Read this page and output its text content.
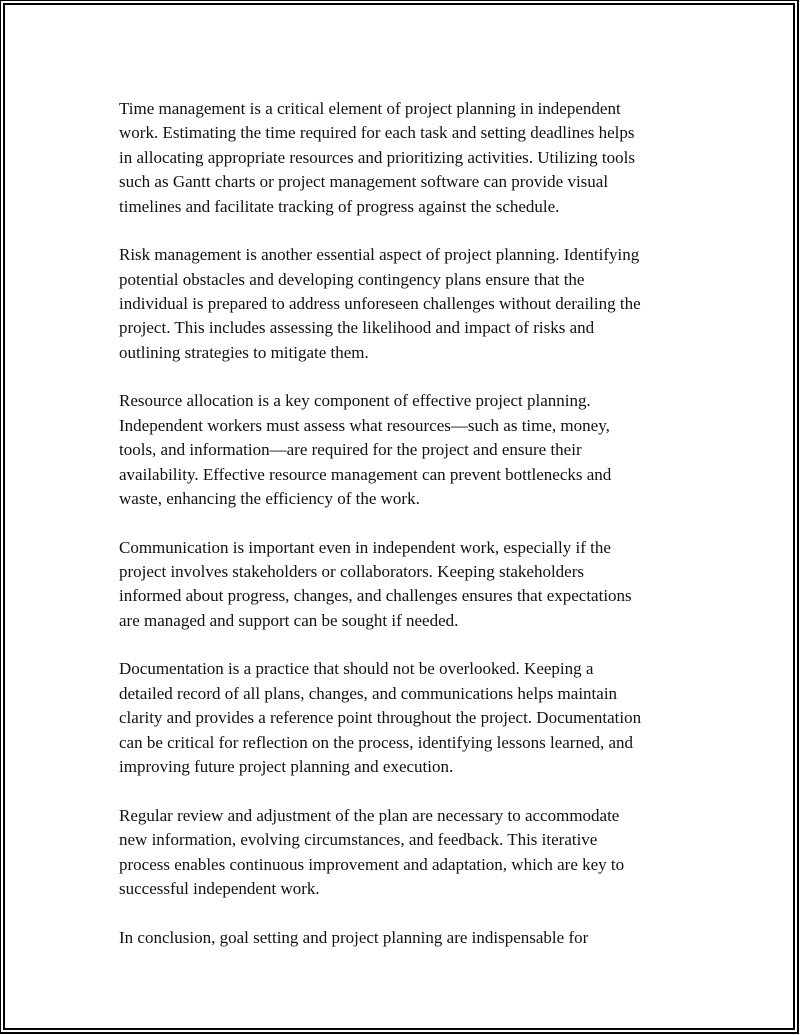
Time management is a critical element of project planning in independent
work. Estimating the time required for each task and setting deadlines helps
in allocating appropriate resources and prioritizing activities. Utilizing tools
such as Gantt charts or project management software can provide visual
timelines and facilitate tracking of progress against the schedule.

Risk management is another essential aspect of project planning. Identifying
potential obstacles and developing contingency plans ensure that the
individual is prepared to address unforeseen challenges without derailing the
project. This includes assessing the likelihood and impact of risks and
outlining strategies to mitigate them.

Resource allocation is a key component of effective project planning.
Independent workers must assess what resources—such as time, money,
tools, and information—are required for the project and ensure their
availability. Effective resource management can prevent bottlenecks and
waste, enhancing the efficiency of the work.

Communication is important even in independent work, especially if the
project involves stakeholders or collaborators. Keeping stakeholders
informed about progress, changes, and challenges ensures that expectations
are managed and support can be sought if needed.

Documentation is a practice that should not be overlooked. Keeping a
detailed record of all plans, changes, and communications helps maintain
clarity and provides a reference point throughout the project. Documentation
can be critical for reflection on the process, identifying lessons learned, and
improving future project planning and execution.

Regular review and adjustment of the plan are necessary to accommodate
new information, evolving circumstances, and feedback. This iterative
process enables continuous improvement and adaptation, which are key to
successful independent work.

In conclusion, goal setting and project planning are indispensable for
